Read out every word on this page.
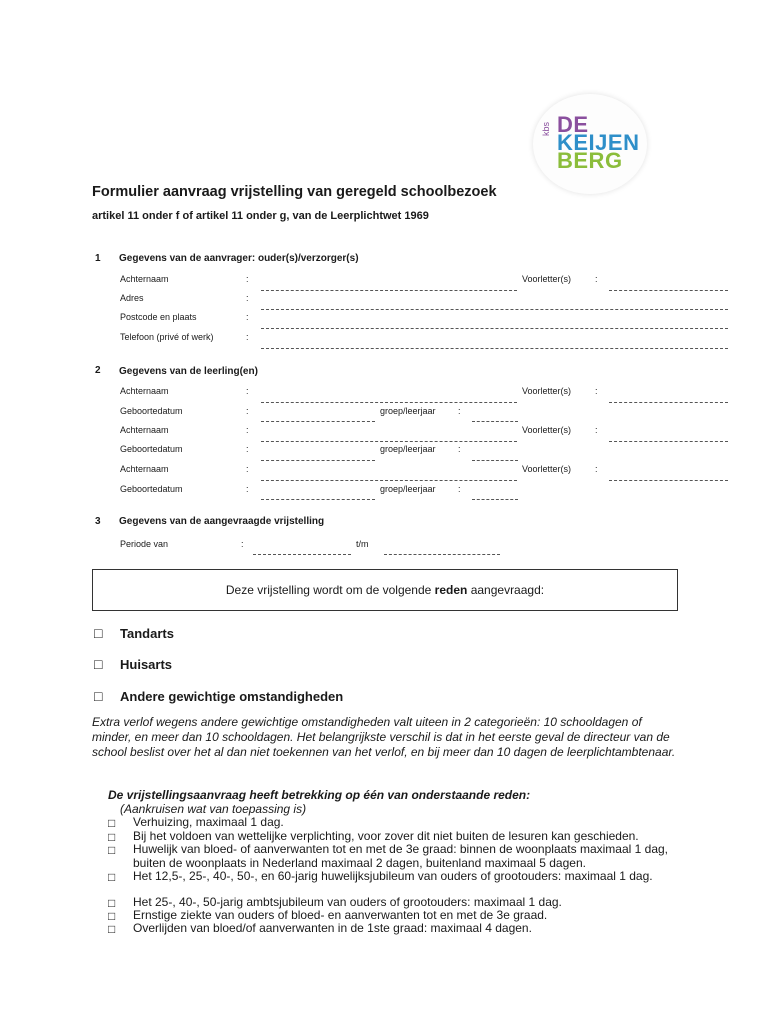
kbs DE
KEIJEN
BERG
Formulier aanvraag vrijstelling van geregeld schoolbezoek
artikel 11 onder f of artikel 11 onder g, van de Leerplichtwet 1969
1 Gegevens van de aanvrager: ouder(s)/verzorger(s)
Achternaam	:	Voorletter(s)	:
Adres	:
Postcode en plaats	:
Telefoon (privé of werk)	:
2 Gegevens van de leerling(en)
Achternaam	:	Voorletter(s)	:
Geboortedatum	:	groep/leerjaar :
Achternaam	:	Voorletter(s)	:
Geboortedatum	:	groep/leerjaar :
Achternaam	:	Voorletter(s)	:
Geboortedatum	:	groep/leerjaar :
3 Gegevens van de aangevraagde vrijstelling
Periode van	:	t/m
Deze vrijstelling wordt om de volgende reden aangevraagd:
□ Tandarts
□ Huisarts
□ Andere gewichtige omstandigheden
Extra verlof wegens andere gewichtige omstandigheden valt uiteen in 2 categorieën: 10 schooldagen of minder, en meer dan 10 schooldagen. Het belangrijkste verschil is dat in het eerste geval de directeur van de school beslist over het al dan niet toekennen van het verlof, en bij meer dan 10 dagen de leerplichtambtenaar.
De vrijstellingsaanvraag heeft betrekking op één van onderstaande reden:
(Aankruisen wat van toepassing is)
□ Verhuizing, maximaal 1 dag.
□ Bij het voldoen van wettelijke verplichting, voor zover dit niet buiten de lesuren kan geschieden.
□ Huwelijk van bloed- of aanverwanten tot en met de 3e graad: binnen de woonplaats maximaal 1 dag, buiten de woonplaats in Nederland maximaal 2 dagen, buitenland maximaal 5 dagen.
□ Het 12,5-, 25-, 40-, 50-, en 60-jarig huwelijksjubileum van ouders of grootouders: maximaal 1 dag.
□ Het 25-, 40-, 50-jarig ambtsjubileum van ouders of grootouders: maximaal 1 dag.
□ Ernstige ziekte van ouders of bloed- en aanverwanten tot en met de 3e graad.
□ Overlijden van bloed/of aanverwanten in de 1ste graad: maximaal 4 dagen.
